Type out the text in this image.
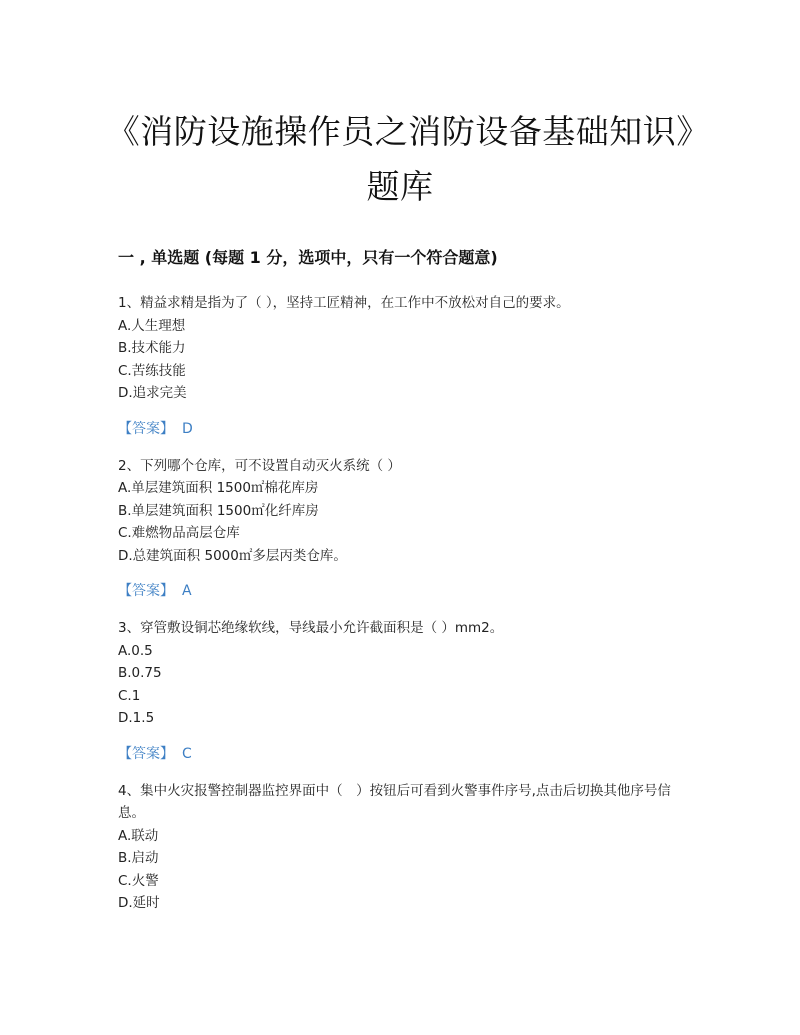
《消防设施操作员之消防设备基础知识》题库
一 , 单选题 (每题 1 分，选项中，只有一个符合题意)
1、精益求精是指为了（ ），坚持工匠精神，在工作中不放松对自己的要求。
A.人生理想
B.技术能力
C.苦练技能
D.追求完美
【答案】 D
2、下列哪个仓库，可不设置自动灭火系统（ ）
A.单层建筑面积 1500㎡棉花库房
B.单层建筑面积 1500㎡化纤库房
C.难燃物品高层仓库
D.总建筑面积 5000㎡多层丙类仓库。
【答案】 A
3、穿管敷设铜芯绝缘软线，导线最小允许截面积是（ ）mm2。
A.0.5
B.0.75
C.1
D.1.5
【答案】 C
4、集中火灾报警控制器监控界面中（　）按钮后可看到火警事件序号,点击后切换其他序号信息。
A.联动
B.启动
C.火警
D.延时
